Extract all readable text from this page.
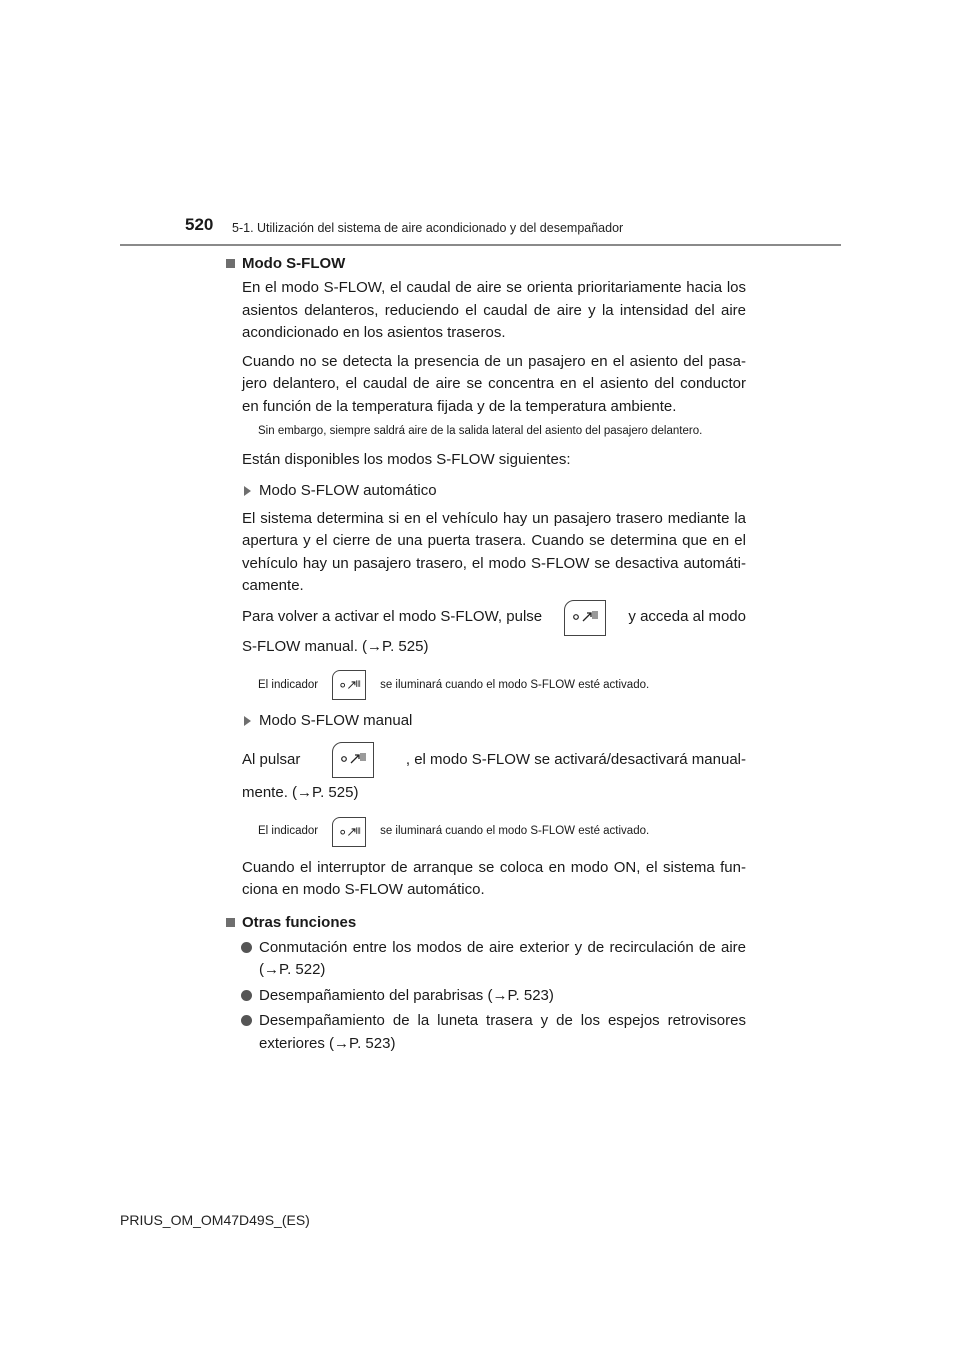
520 5-1. Utilización del sistema de aire acondicionado y del desempañador
Modo S-FLOW
En el modo S-FLOW, el caudal de aire se orienta prioritariamente hacia los asientos delanteros, reduciendo el caudal de aire y la intensidad del aire acondicionado en los asientos traseros.
Cuando no se detecta la presencia de un pasajero en el asiento del pasa-jero delantero, el caudal de aire se concentra en el asiento del conductor en función de la temperatura fijada y de la temperatura ambiente.
Sin embargo, siempre saldrá aire de la salida lateral del asiento del pasajero delantero.
Están disponibles los modos S-FLOW siguientes:
Modo S-FLOW automático
El sistema determina si en el vehículo hay un pasajero trasero mediante la apertura y el cierre de una puerta trasera. Cuando se determina que en el vehículo hay un pasajero trasero, el modo S-FLOW se desactiva automáti-camente.
Para volver a activar el modo S-FLOW, pulse	y acceda al modo
S-FLOW manual. (→P. 525)
El indicador	se iluminará cuando el modo S-FLOW esté activado.
Modo S-FLOW manual
Al pulsar	, el modo S-FLOW se activará/desactivará manual-
mente. (→P. 525)
El indicador	se iluminará cuando el modo S-FLOW esté activado.
Cuando el interruptor de arranque se coloca en modo ON, el sistema fun-ciona en modo S-FLOW automático.
Otras funciones
Conmutación entre los modos de aire exterior y de recirculación de aire (→P. 522)
Desempañamiento del parabrisas (→P. 523)
Desempañamiento de la luneta trasera y de los espejos retrovisores exteriores (→P. 523)
PRIUS_OM_OM47D49S_(ES)
